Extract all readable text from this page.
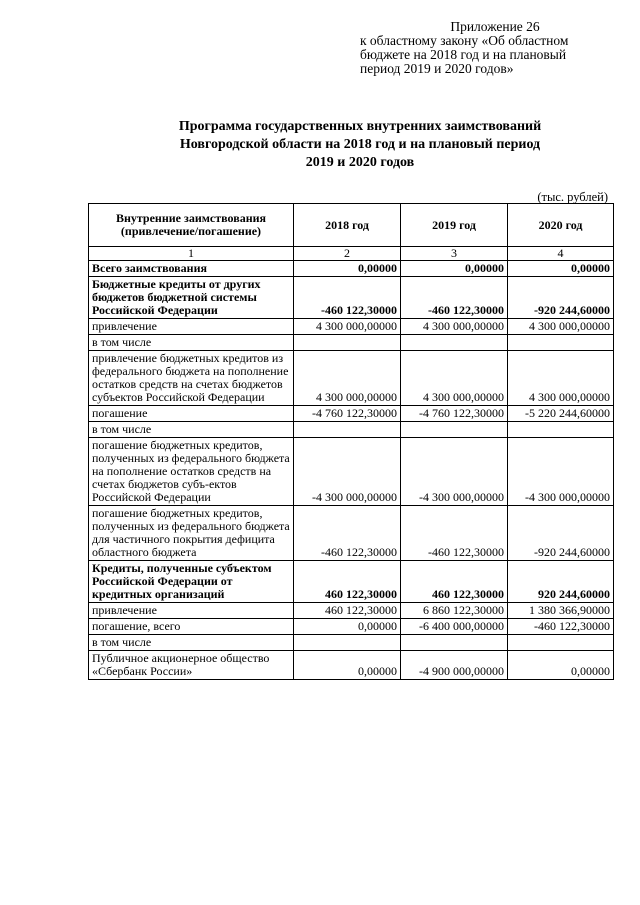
Приложение 26
к областному закону «Об областном
бюджете на 2018 год и на плановый
период 2019 и 2020 годов»
Программа государственных внутренних заимствований
Новгородской области на 2018 год и на плановый период
2019 и 2020 годов
(тыс. рублей)
Внутренние заимствования (привлечение/погашение)	2018 год	2019 год	2020 год
1	2	3	4
Всего заимствования	0,00000	0,00000	0,00000
Бюджетные кредиты от других бюджетов бюджетной системы Российской Федерации	-460 122,30000	-460 122,30000	-920 244,60000
привлечение	4 300 000,00000	4 300 000,00000	4 300 000,00000
в том числе			
привлечение бюджетных кредитов из федерального бюджета на пополнение остатков средств на счетах бюджетов субъектов Российской Федерации	4 300 000,00000	4 300 000,00000	4 300 000,00000
погашение	-4 760 122,30000	-4 760 122,30000	-5 220 244,60000
в том числе			
погашение бюджетных кредитов, полученных из федерального бюджета на пополнение остатков средств на счетах бюджетов субъ-ектов Российской Федерации	-4 300 000,00000	-4 300 000,00000	-4 300 000,00000
погашение бюджетных кредитов, полученных из федерального бюджета для частичного покрытия дефицита областного бюджета	-460 122,30000	-460 122,30000	-920 244,60000
Кредиты, полученные субъектом Российской Федерации от кредитных организаций	460 122,30000	460 122,30000	920 244,60000
привлечение	460 122,30000	6 860 122,30000	1 380 366,90000
погашение, всего	0,00000	-6 400 000,00000	-460 122,30000
в том числе			
Публичное акционерное общество «Сбербанк России»	0,00000	-4 900 000,00000	0,00000
